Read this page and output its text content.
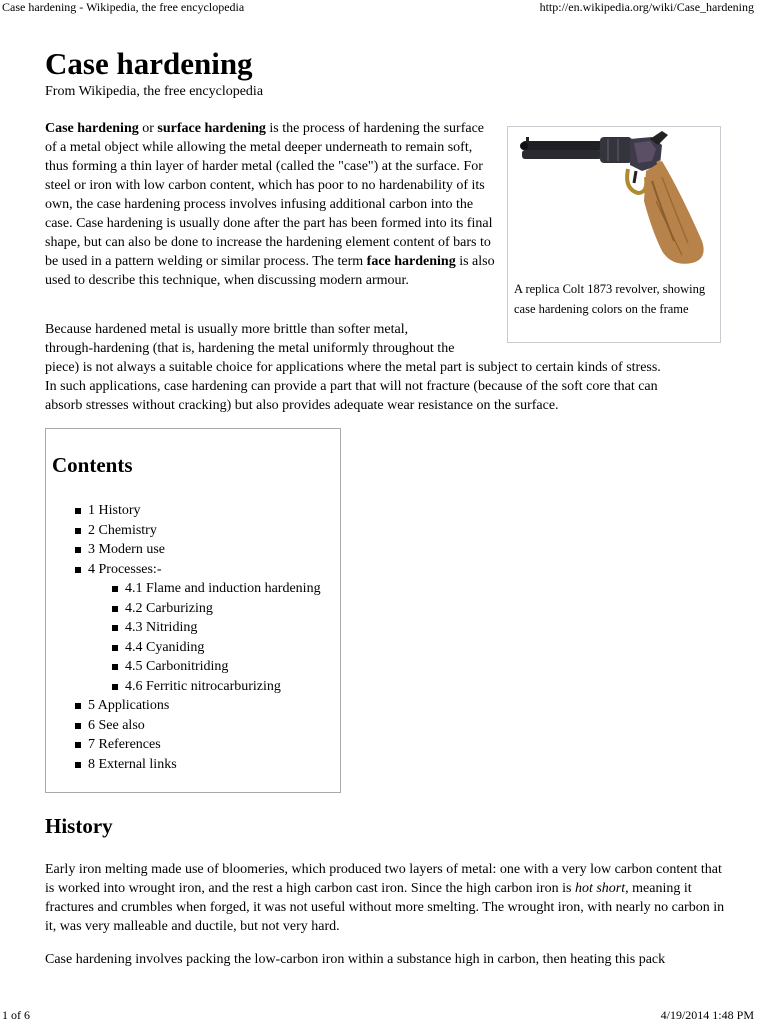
Case hardening - Wikipedia, the free encyclopedia	http://en.wikipedia.org/wiki/Case_hardening
Case hardening
From Wikipedia, the free encyclopedia
Case hardening or surface hardening is the process of hardening the surface of a metal object while allowing the metal deeper underneath to remain soft, thus forming a thin layer of harder metal (called the "case") at the surface. For steel or iron with low carbon content, which has poor to no hardenability of its own, the case hardening process involves infusing additional carbon into the case. Case hardening is usually done after the part has been formed into its final shape, but can also be done to increase the hardening element content of bars to be used in a pattern welding or similar process. The term face hardening is also used to describe this technique, when discussing modern armour.
A replica Colt 1873 revolver, showing case hardening colors on the frame
Because hardened metal is usually more brittle than softer metal,
through-hardening (that is, hardening the metal uniformly throughout the
piece) is not always a suitable choice for applications where the metal part is subject to certain kinds of stress.
In such applications, case hardening can provide a part that will not fracture (because of the soft core that can
absorb stresses without cracking) but also provides adequate wear resistance on the surface.
Contents
1 History
2 Chemistry
3 Modern use
4 Processes:-
4.1 Flame and induction hardening
4.2 Carburizing
4.3 Nitriding
4.4 Cyaniding
4.5 Carbonitriding
4.6 Ferritic nitrocarburizing
5 Applications
6 See also
7 References
8 External links
History
Early iron melting made use of bloomeries, which produced two layers of metal: one with a very low carbon content that is worked into wrought iron, and the rest a high carbon cast iron. Since the high carbon iron is hot short, meaning it fractures and crumbles when forged, it was not useful without more smelting. The wrought iron, with nearly no carbon in it, was very malleable and ductile, but not very hard.
Case hardening involves packing the low-carbon iron within a substance high in carbon, then heating this pack
1 of 6	4/19/2014 1:48 PM
